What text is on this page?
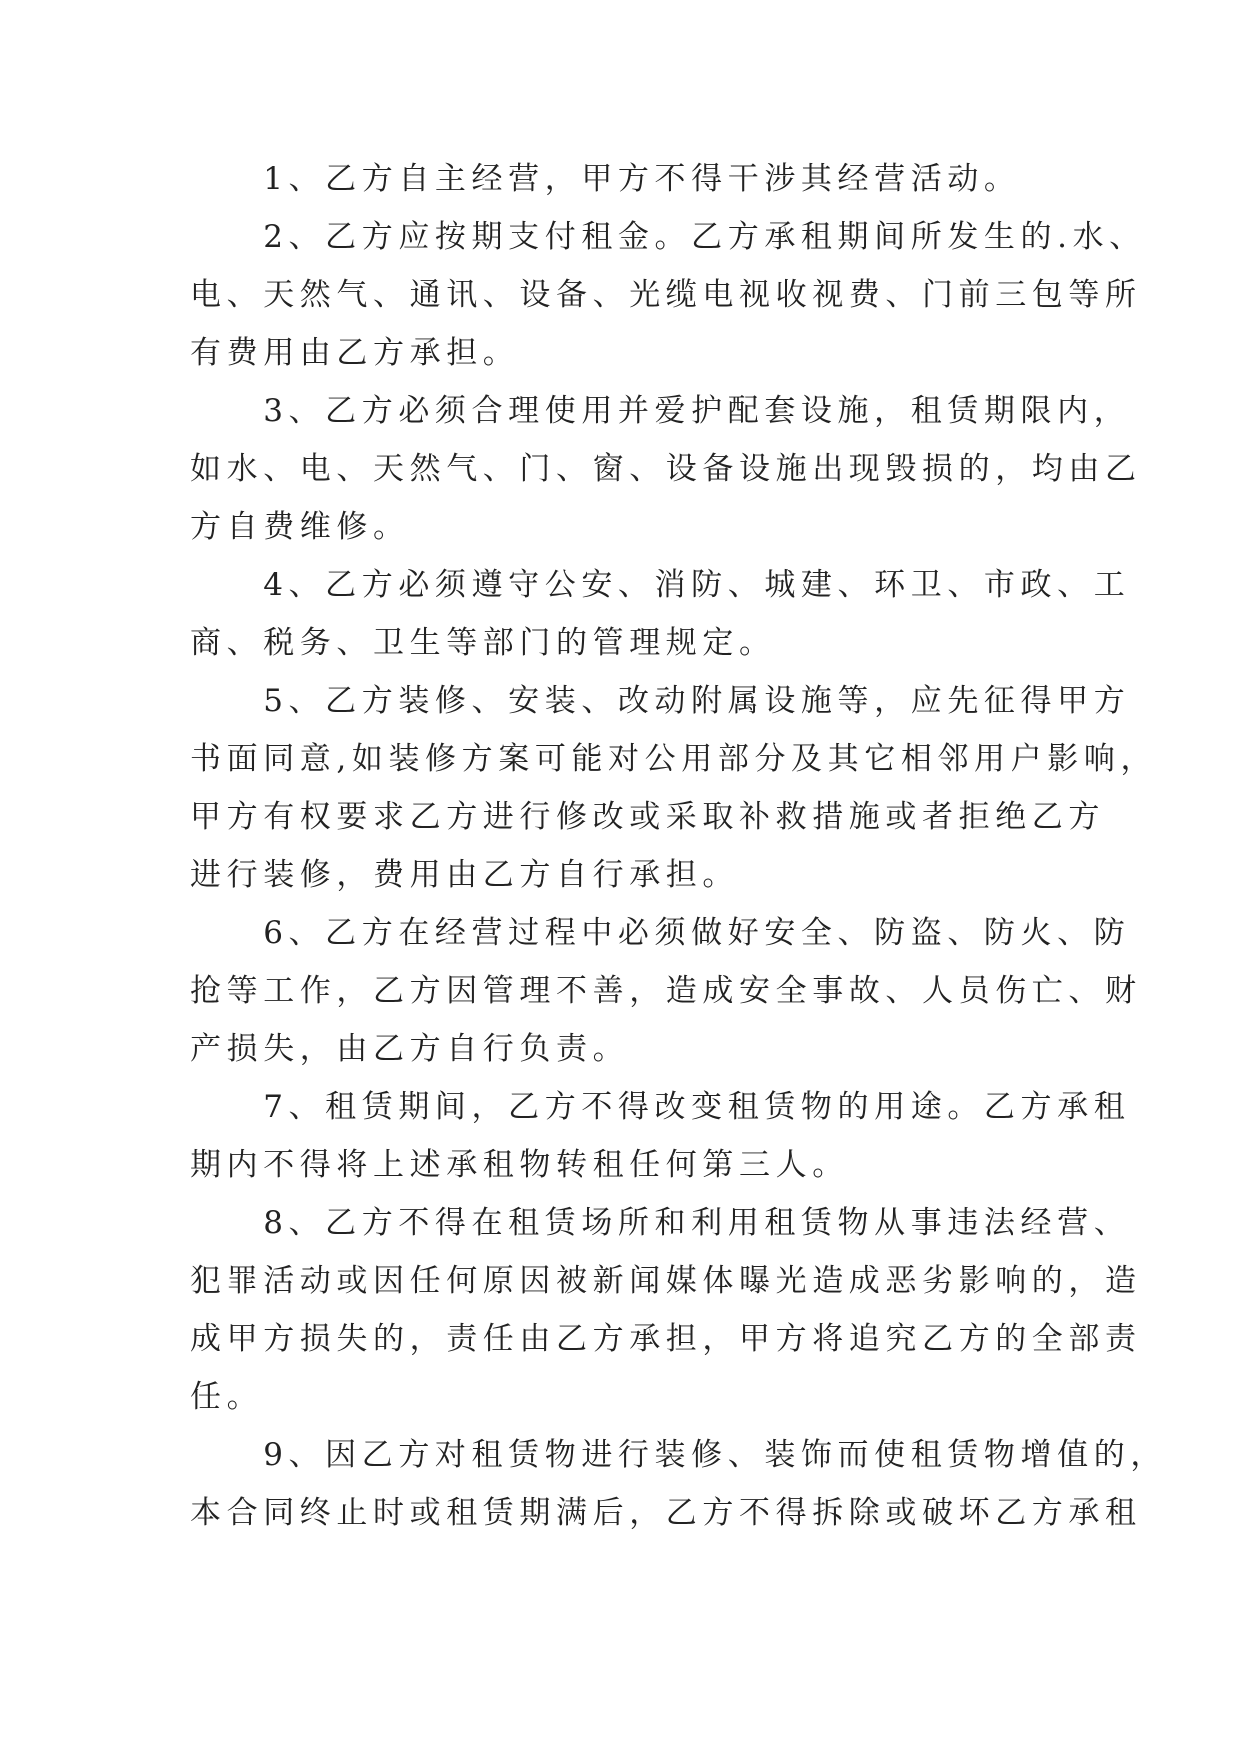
　　1、乙方自主经营，甲方不得干涉其经营活动。
　　2、乙方应按期支付租金。乙方承租期间所发生的.水、
电、天然气、通讯、设备、光缆电视收视费、门前三包等所
有费用由乙方承担。
　　3、乙方必须合理使用并爱护配套设施，租赁期限内，
如水、电、天然气、门、窗、设备设施出现毁损的，均由乙
方自费维修。
　　4、乙方必须遵守公安、消防、城建、环卫、市政、工
商、税务、卫生等部门的管理规定。
　　5、乙方装修、安装、改动附属设施等，应先征得甲方
书面同意,如装修方案可能对公用部分及其它相邻用户影响，
甲方有权要求乙方进行修改或采取补救措施或者拒绝乙方
进行装修，费用由乙方自行承担。
　　6、乙方在经营过程中必须做好安全、防盗、防火、防
抢等工作，乙方因管理不善，造成安全事故、人员伤亡、财
产损失，由乙方自行负责。
　　7、租赁期间，乙方不得改变租赁物的用途。乙方承租
期内不得将上述承租物转租任何第三人。
　　8、乙方不得在租赁场所和利用租赁物从事违法经营、
犯罪活动或因任何原因被新闻媒体曝光造成恶劣影响的，造
成甲方损失的，责任由乙方承担，甲方将追究乙方的全部责
任。
　　9、因乙方对租赁物进行装修、装饰而使租赁物增值的，
本合同终止时或租赁期满后，乙方不得拆除或破坏乙方承租
